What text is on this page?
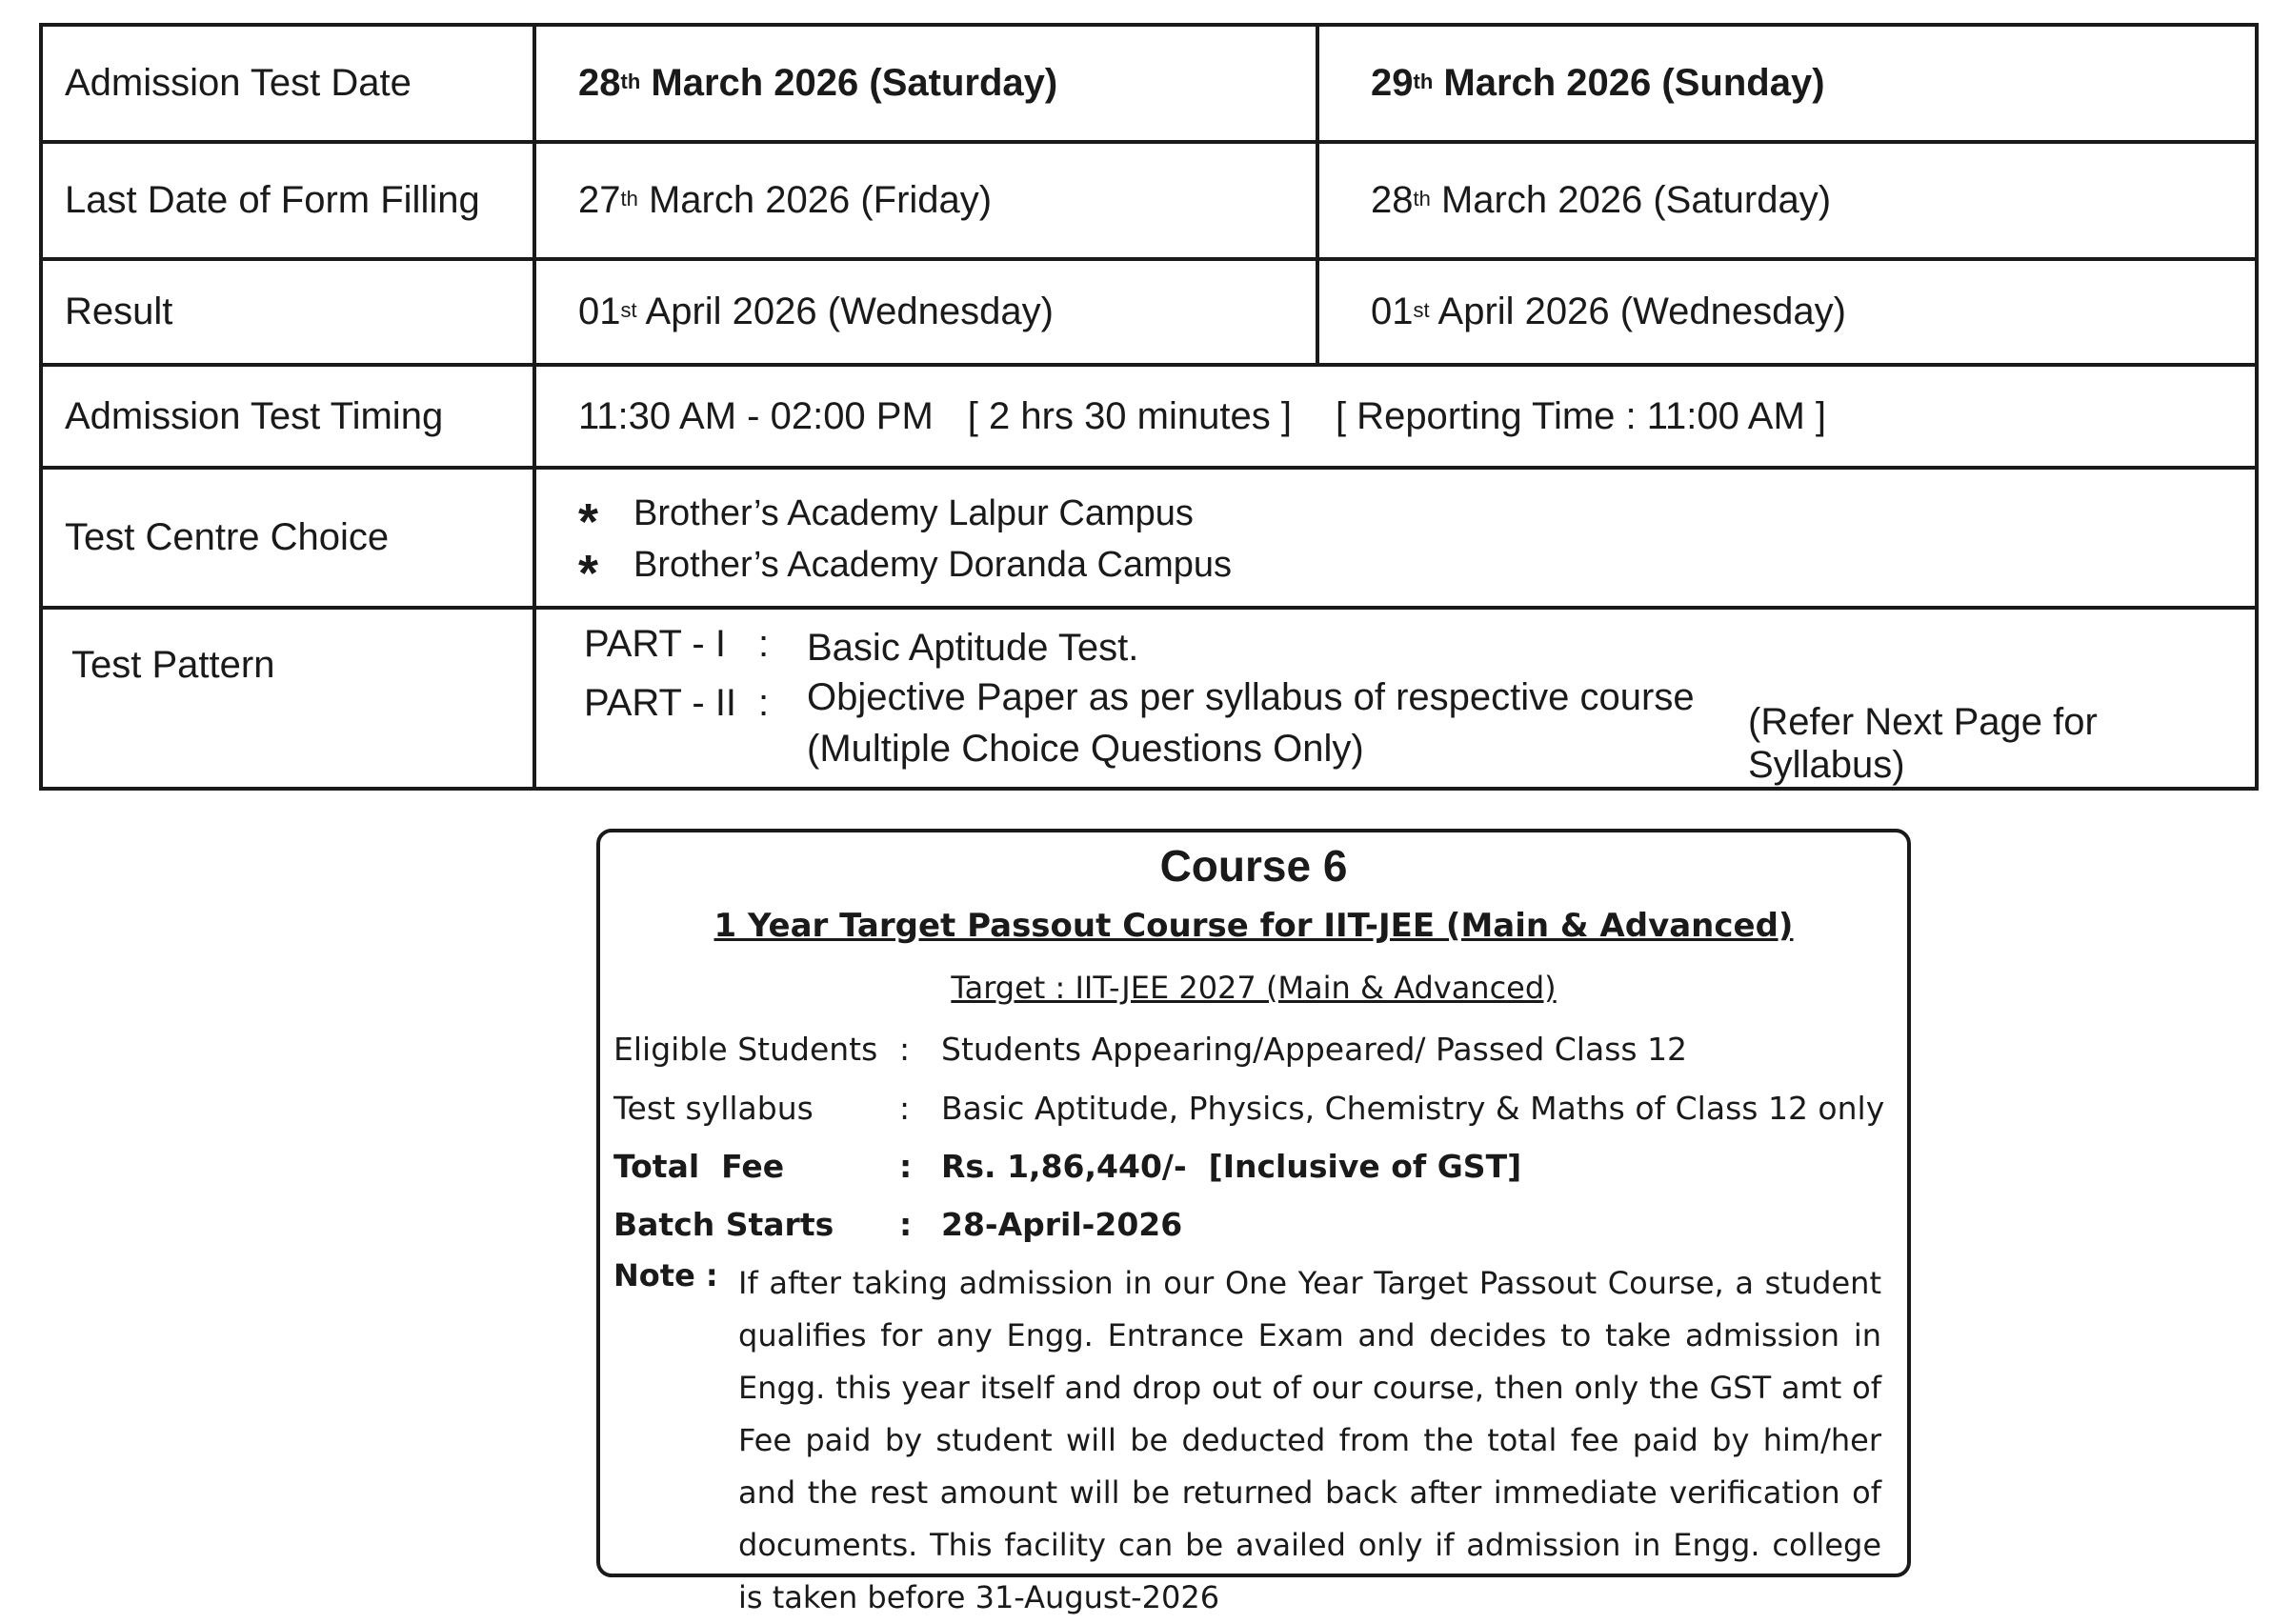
Admission Test Date	28th March 2026 (Saturday)	29th March 2026 (Sunday)
Last Date of Form Filling	27th March 2026 (Friday)	28th March 2026 (Saturday)
Result	01st April 2026 (Wednesday)	01st April 2026 (Wednesday)
Admission Test Timing	11:30 AM - 02:00 PM [ 2 hrs 30 minutes ] [ Reporting Time : 11:00 AM ]
Test Centre Choice	* Brother’s Academy Lalpur Campus
* Brother’s Academy Doranda Campus
Test Pattern	PART - I : Basic Aptitude Test.
PART - II : Objective Paper as per syllabus of respective course
(Multiple Choice Questions Only)
(Refer Next Page for Syllabus)
Course 6
1 Year Target Passout Course for IIT-JEE (Main & Advanced)
Target : IIT-JEE 2027 (Main & Advanced)
Eligible Students : Students Appearing/Appeared/ Passed Class 12
Test syllabus	: Basic Aptitude, Physics, Chemistry & Maths of Class 12 only
Total  Fee	: Rs. 1,86,440/-  [Inclusive of GST]
Batch Starts	: 28-April-2026
Note : If after taking admission in our One Year Target Passout Course, a student qualifies for any Engg. Entrance Exam and decides to take admission in Engg. this year itself and drop out of our course, then only the GST amt of Fee paid by student will be deducted from the total fee paid by him/her and the rest amount will be returned back after immediate verification of documents. This facility can be availed only if admission in Engg. college is taken before 31-August-2026
